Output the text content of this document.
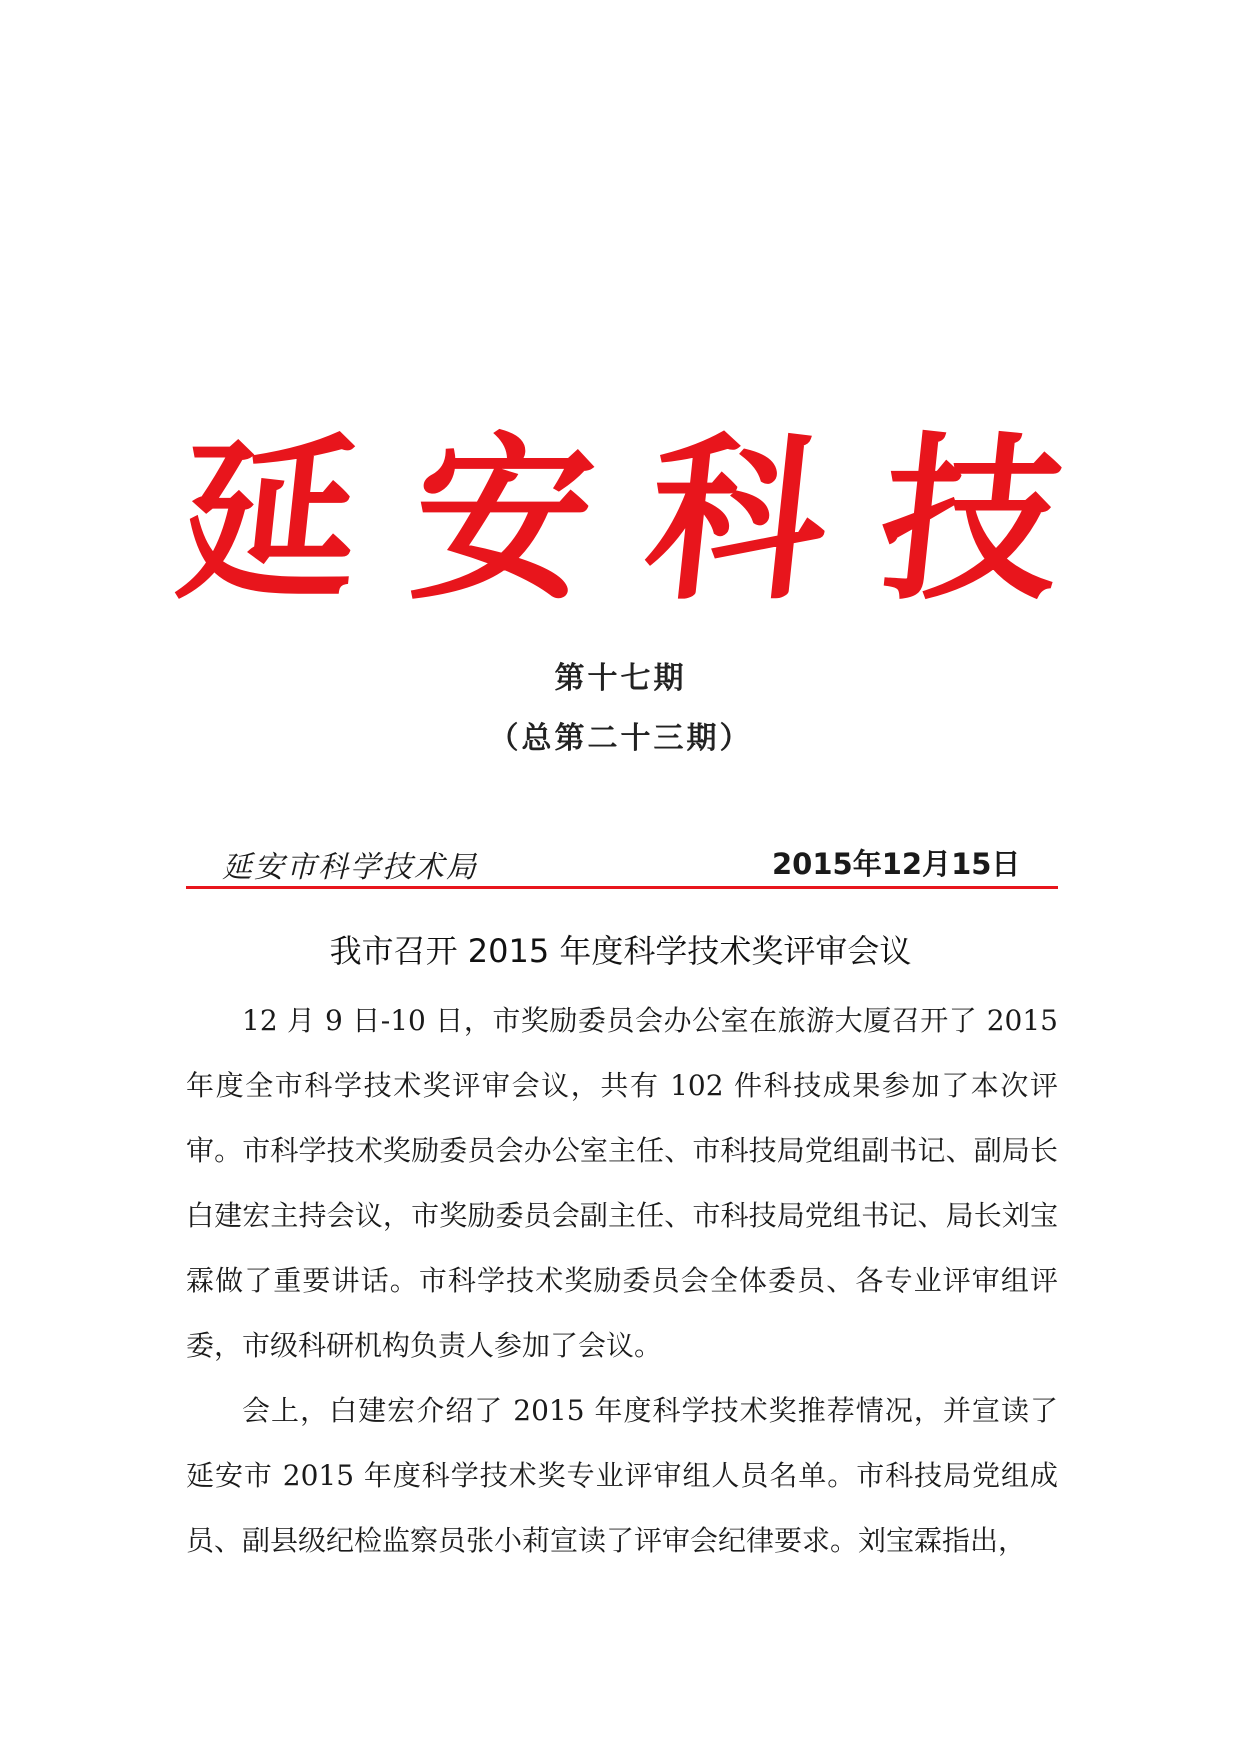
延 安 科 技
第十七期
（总第二十三期）
延安市科学技术局	2015年12月15日
我市召开 2015 年度科学技术奖评审会议

12 月 9 日-10 日，市奖励委员会办公室在旅游大厦召开了 2015 年度全市科学技术奖评审会议，共有 102 件科技成果参加了本次评审。市科学技术奖励委员会办公室主任、市科技局党组副书记、副局长白建宏主持会议，市奖励委员会副主任、市科技局党组书记、局长刘宝霖做了重要讲话。市科学技术奖励委员会全体委员、各专业评审组评委，市级科研机构负责人参加了会议。

会上，白建宏介绍了 2015 年度科学技术奖推荐情况，并宣读了延安市 2015 年度科学技术奖专业评审组人员名单。市科技局党组成员、副县级纪检监察员张小莉宣读了评审会纪律要求。刘宝霖指出，
